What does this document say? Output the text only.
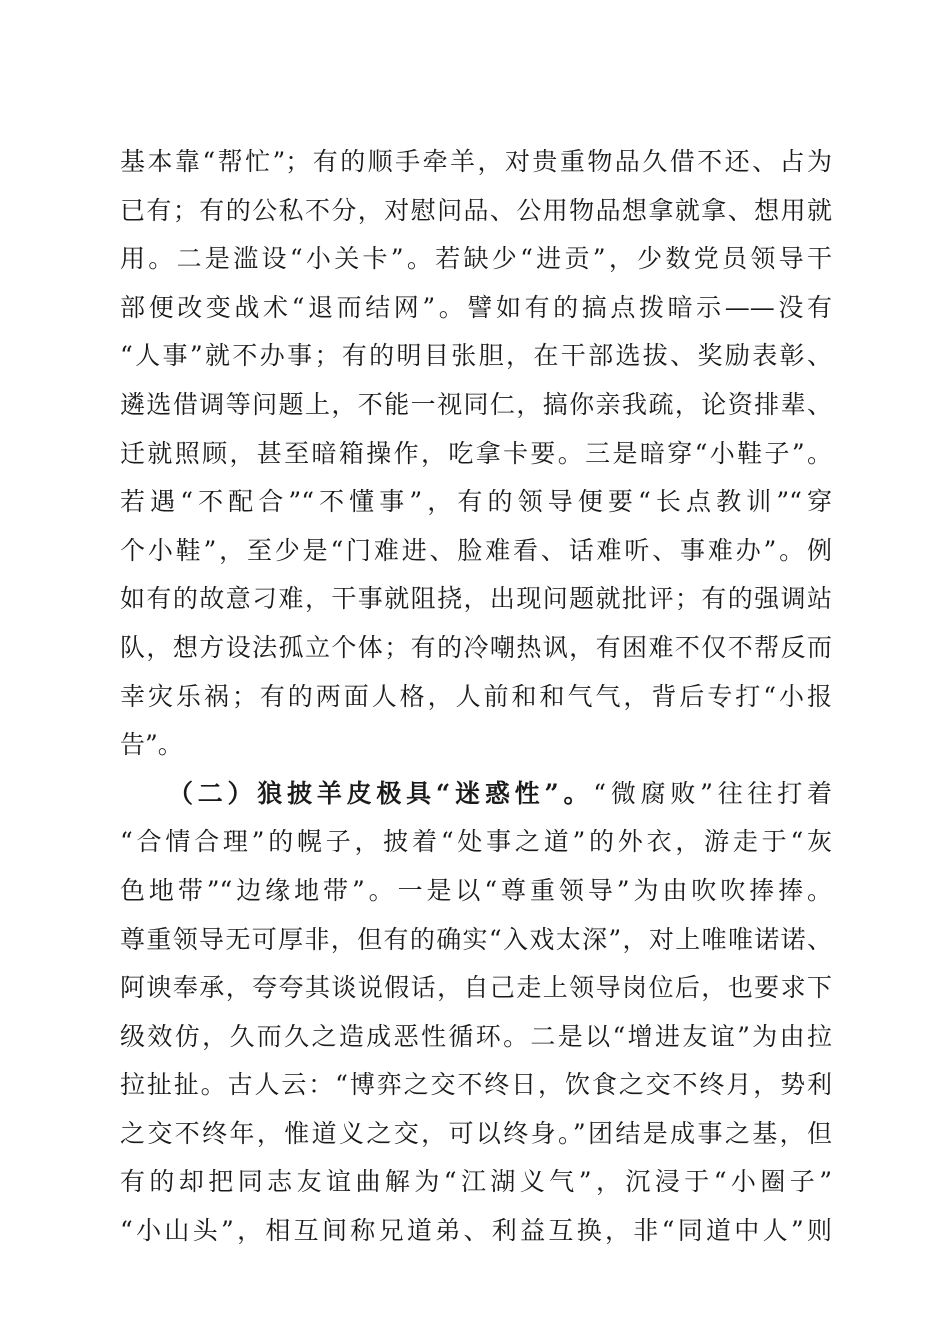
基本靠“帮忙”；有的顺手牵羊，对贵重物品久借不还、占为
已有；有的公私不分，对慰问品、公用物品想拿就拿、想用就
用。二是滥设“小关卡”。若缺少“进贡”，少数党员领导干
部便改变战术“退而结网”。譬如有的搞点拨暗示——没有
“人事”就不办事；有的明目张胆，在干部选拔、奖励表彰、
遴选借调等问题上，不能一视同仁，搞你亲我疏，论资排辈、
迁就照顾，甚至暗箱操作，吃拿卡要。三是暗穿“小鞋子”。
若遇“不配合”“不懂事”，有的领导便要“长点教训”“穿
个小鞋”，至少是“门难进、脸难看、话难听、事难办”。例
如有的故意刁难，干事就阻挠，出现问题就批评；有的强调站
队，想方设法孤立个体；有的冷嘲热讽，有困难不仅不帮反而
幸灾乐祸；有的两面人格，人前和和气气，背后专打“小报
告”。
（二）狼披羊皮极具“迷惑性”。“微腐败”往往打着
“合情合理”的幌子，披着“处事之道”的外衣，游走于“灰
色地带”“边缘地带”。一是以“尊重领导”为由吹吹捧捧。
尊重领导无可厚非，但有的确实“入戏太深”，对上唯唯诺诺、
阿谀奉承，夸夸其谈说假话，自己走上领导岗位后，也要求下
级效仿，久而久之造成恶性循环。二是以“增进友谊”为由拉
拉扯扯。古人云：“博弈之交不终日，饮食之交不终月，势利
之交不终年，惟道义之交，可以终身。”团结是成事之基，但
有的却把同志友谊曲解为“江湖义气”，沉浸于“小圈子”
“小山头”，相互间称兄道弟、利益互换，非“同道中人”则
